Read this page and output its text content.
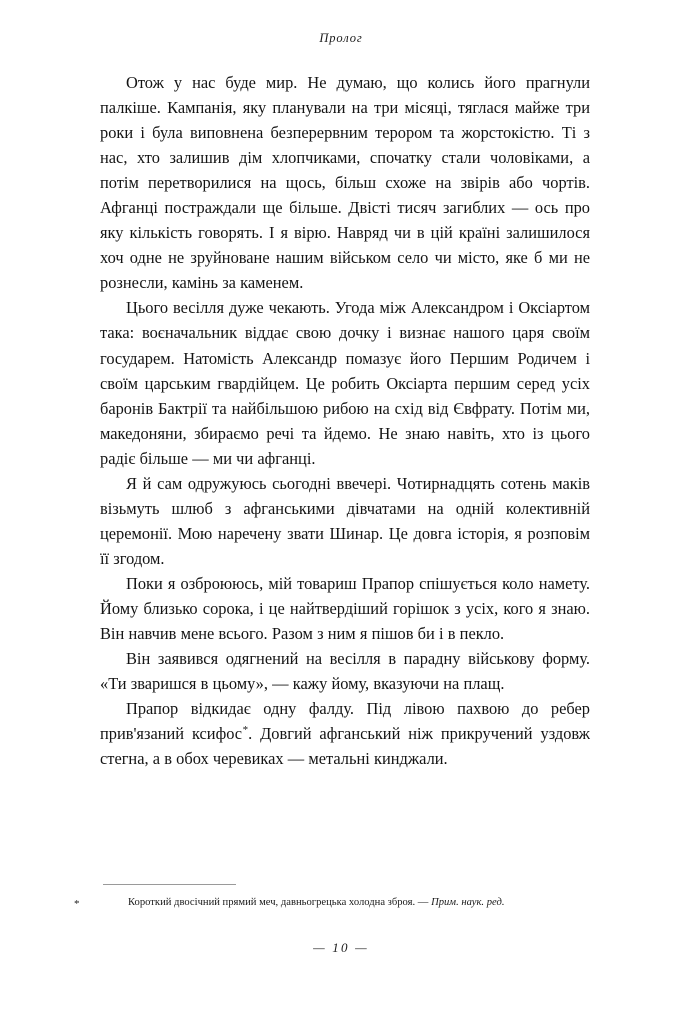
Пролог

Отож у нас буде мир. Не думаю, що колись його прагнули палкіше. Кампанія, яку планували на три місяці, тяглася майже три роки і була виповнена безперервним терором та жорстокістю. Ті з нас, хто залишив дім хлопчиками, спочатку стали чоловіками, а потім перетворилися на щось, більш схоже на звірів або чортів. Афганці постраждали ще більше. Двісті тисяч загиблих — ось про яку кількість говорять. І я вірю. Навряд чи в цій країні залишилося хоч одне не зруйноване нашим військом село чи місто, яке б ми не рознесли, камінь за каменем.

Цього весілля дуже чекають. Угода між Александром і Оксіартом така: воєначальник віддає свою дочку і визнає нашого царя своїм государем. Натомість Александр помазує його Першим Родичем і своїм царським гвардійцем. Це робить Оксіарта першим серед усіх баронів Бактрії та найбільшою рибою на схід від Євфрату. Потім ми, македоняни, збираємо речі та йдемо. Не знаю навіть, хто із цього радіє більше — ми чи афганці.

Я й сам одружуюсь сьогодні ввечері. Чотирнадцять сотень маків візьмуть шлюб з афганськими дівчатами на одній колективній церемонії. Мою наречену звати Шинар. Це довга історія, я розповім її згодом.

Поки я озброююсь, мій товариш Прапор спішується коло намету. Йому близько сорока, і це найтвердіший горішок з усіх, кого я знаю. Він навчив мене всього. Разом з ним я пішов би і в пекло.

Він заявився одягнений на весілля в парадну військову форму. «Ти зваришся в цьому», — кажу йому, вказуючи на плащ.

Прапор відкидає одну фалду. Під лівою пахвою до ребер прив'язаний ксифос*. Довгий афганський ніж прикручений уздовж стегна, а в обох черевиках — метальні кинджали.

*	Короткий двосічний прямий меч, давньогрецька холодна зброя. — Прим. наук. ред.
— 10 —
